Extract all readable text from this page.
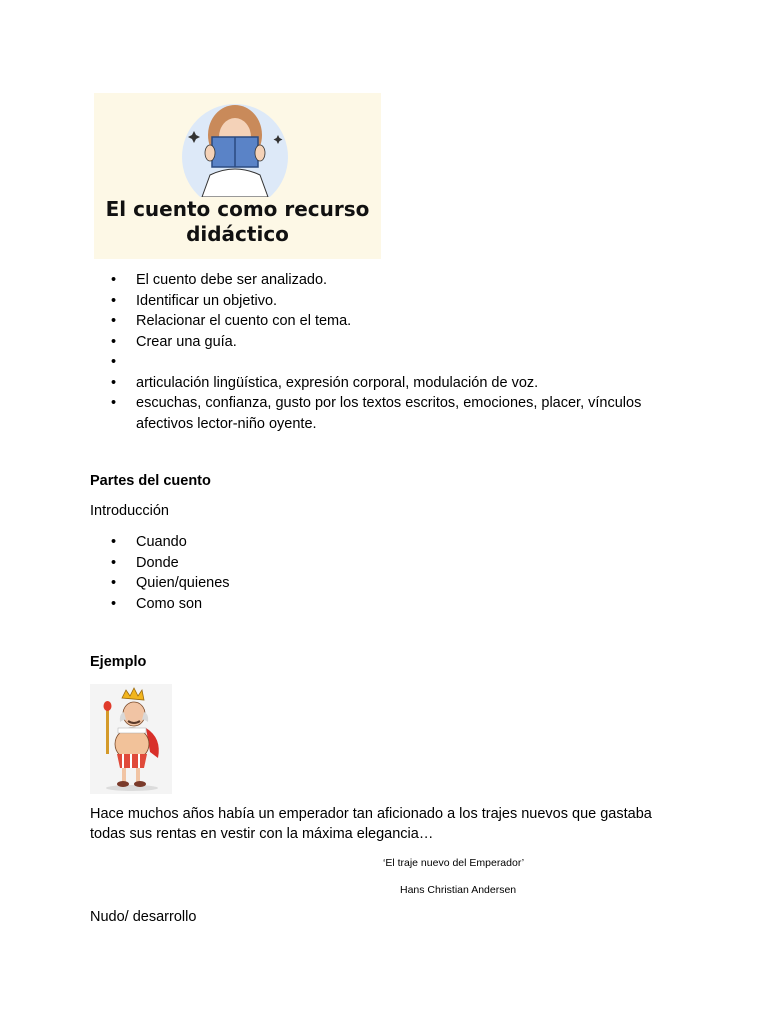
El cuento como recurso
didáctico
• El cuento debe ser analizado.
• Identificar un objetivo.
• Relacionar el cuento con el tema.
• Crear una guía.
•
• articulación lingüística, expresión corporal, modulación de voz.
• escuchas, confianza, gusto por los textos escritos, emociones, placer, vínculos afectivos lector-niño oyente.
Partes del cuento
Introducción
• Cuando
• Donde
• Quien/quienes
• Como son
Ejemplo
Hace muchos años había un emperador tan aficionado a los trajes nuevos que gastaba todas sus rentas en vestir con la máxima elegancia…
‘El traje nuevo del Emperador’
Hans Christian Andersen
Nudo/ desarrollo
